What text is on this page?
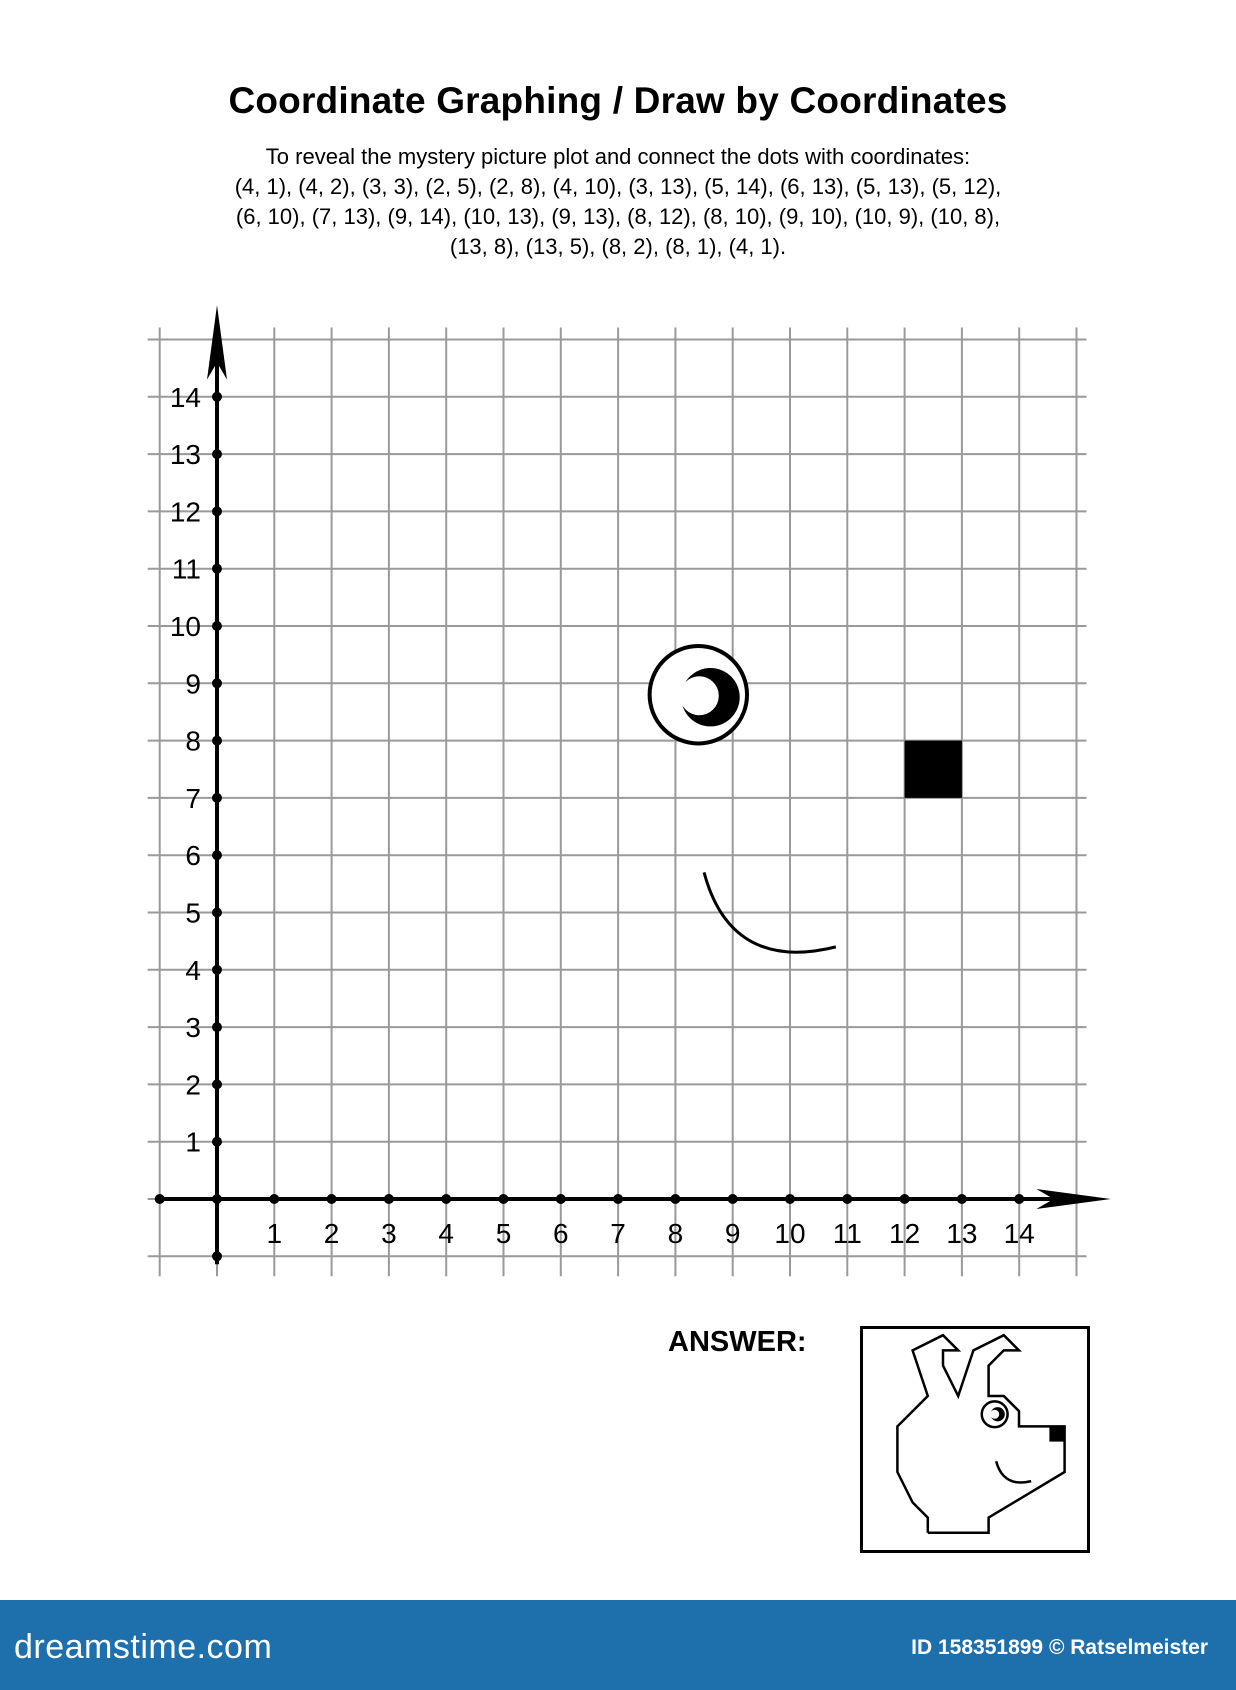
Coordinate Graphing / Draw by Coordinates
To reveal the mystery picture plot and connect the dots with coordinates:
(4, 1), (4, 2), (3, 3), (2, 5), (2, 8), (4, 10), (3, 13), (5, 14), (6, 13), (5, 13), (5, 12),
(6, 10), (7, 13), (9, 14), (10, 13), (9, 13), (8, 12), (8, 10), (9, 10), (10, 9), (10, 8),
(13, 8), (13, 5), (8, 2), (8, 1), (4, 1).
1 2 3 4 5 6 7 8 9 10 11 12 13 14
1
2
3
4
5
6
7
8
9
10
11
12
13
14
ANSWER:
dreamstime.com	ID 158351899 © Ratselmeister
